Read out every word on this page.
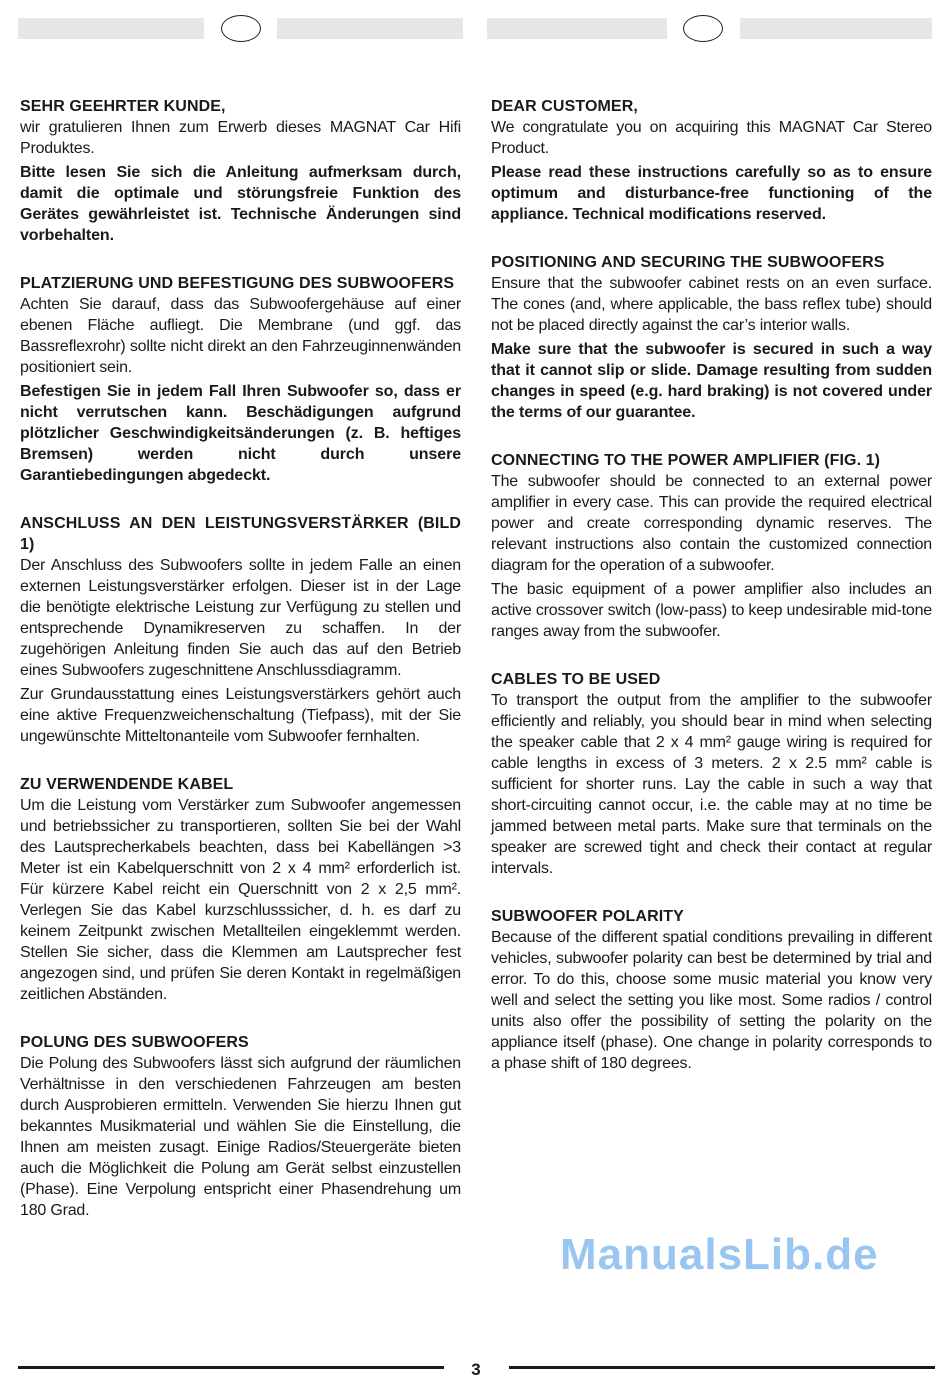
SEHR GEEHRTER KUNDE,

wir gratulieren Ihnen zum Erwerb dieses MAGNAT Car Hifi Produktes.

Bitte lesen Sie sich die Anleitung aufmerksam durch, damit die optimale und störungsfreie Funktion des Gerätes gewährleistet ist. Technische Änderungen sind vorbehalten.

PLATZIERUNG UND BEFESTIGUNG DES SUBWOOFERS

Achten Sie darauf, dass das Subwoofergehäuse auf einer ebenen Fläche aufliegt. Die Membrane (und ggf. das Bassreflexrohr) sollte nicht direkt an den Fahrzeuginnenwänden positioniert sein.

Befestigen Sie in jedem Fall Ihren Subwoofer so, dass er nicht verrutschen kann. Beschädigungen aufgrund plötzlicher Geschwindigkeitsänderungen (z. B. heftiges Bremsen) werden nicht durch unsere Garantiebedingungen abgedeckt.

ANSCHLUSS AN DEN LEISTUNGSVERSTÄRKER (BILD 1)

Der Anschluss des Subwoofers sollte in jedem Falle an einen externen Leistungsverstärker erfolgen. Dieser ist in der Lage die benötigte elektrische Leistung zur Verfügung zu stellen und entsprechende Dynamikreserven zu schaffen. In der zugehörigen Anleitung finden Sie auch das auf den Betrieb eines Subwoofers zugeschnittene Anschlussdiagramm.

Zur Grundausstattung eines Leistungsverstärkers gehört auch eine aktive Frequenzweichenschaltung (Tiefpass), mit der Sie ungewünschte Mitteltonanteile vom Subwoofer fernhalten.

ZU VERWENDENDE KABEL

Um die Leistung vom Verstärker zum Subwoofer angemessen und betriebssicher zu transportieren, sollten Sie bei der Wahl des Lautsprecherkabels beachten, dass bei Kabellängen >3 Meter ist ein Kabelquerschnitt von 2 x 4 mm² erforderlich ist. Für kürzere Kabel reicht ein Querschnitt von 2 x 2,5 mm². Verlegen Sie das Kabel kurzschlusssicher, d. h. es darf zu keinem Zeitpunkt zwischen Metallteilen eingeklemmt werden. Stellen Sie sicher, dass die Klemmen am Lautsprecher fest angezogen sind, und prüfen Sie deren Kontakt in regelmäßigen zeitlichen Abständen.

POLUNG DES SUBWOOFERS

Die Polung des Subwoofers lässt sich aufgrund der räumlichen Verhältnisse in den verschiedenen Fahrzeugen am besten durch Ausprobieren ermitteln. Verwenden Sie hierzu Ihnen gut bekanntes Musikmaterial und wählen Sie die Einstellung, die Ihnen am meisten zusagt. Einige Radios/Steuergeräte bieten auch die Möglichkeit die Polung am Gerät selbst einzustellen (Phase). Eine Verpolung entspricht einer Phasendrehung um 180 Grad.

DEAR CUSTOMER,

We congratulate you on acquiring this MAGNAT Car Stereo Product.

Please read these instructions carefully so as to ensure optimum and disturbance-free functioning of the appliance. Technical modifications reserved.

POSITIONING AND SECURING THE SUBWOOFERS

Ensure that the subwoofer cabinet rests on an even surface. The cones (and, where applicable, the bass reflex tube) should not be placed directly against the car’s interior walls.

Make sure that the subwoofer is secured in such a way that it cannot slip or slide. Damage resulting from sudden changes in speed (e.g. hard braking) is not covered under the terms of our guarantee.

CONNECTING TO THE POWER AMPLIFIER (FIG. 1)

The subwoofer should be connected to an external power amplifier in every case. This can provide the required electrical power and create corresponding dynamic reserves. The relevant instructions also contain the customized connection diagram for the operation of a subwoofer.

The basic equipment of a power amplifier also includes an active crossover switch (low-pass) to keep undesirable mid-tone ranges away from the subwoofer.

CABLES TO BE USED

To transport the output from the amplifier to the subwoofer efficiently and reliably, you should bear in mind when selecting the speaker cable that 2 x 4 mm² gauge wiring is required for cable lengths in excess of 3 meters. 2 x 2.5 mm² cable is sufficient for shorter runs. Lay the cable in such a way that short-circuiting cannot occur, i.e. the cable may at no time be jammed between metal parts. Make sure that terminals on the speaker are screwed tight and check their contact at regular intervals.

SUBWOOFER POLARITY

Because of the different spatial conditions prevailing in different vehicles, subwoofer polarity can best be determined by trial and error. To do this, choose some music material you know very well and select the setting you like most. Some radios / control units also offer the possibility of setting the polarity on the appliance itself (phase). One change in polarity corresponds to a phase shift of 180 degrees.

ManualsLib.de
3
